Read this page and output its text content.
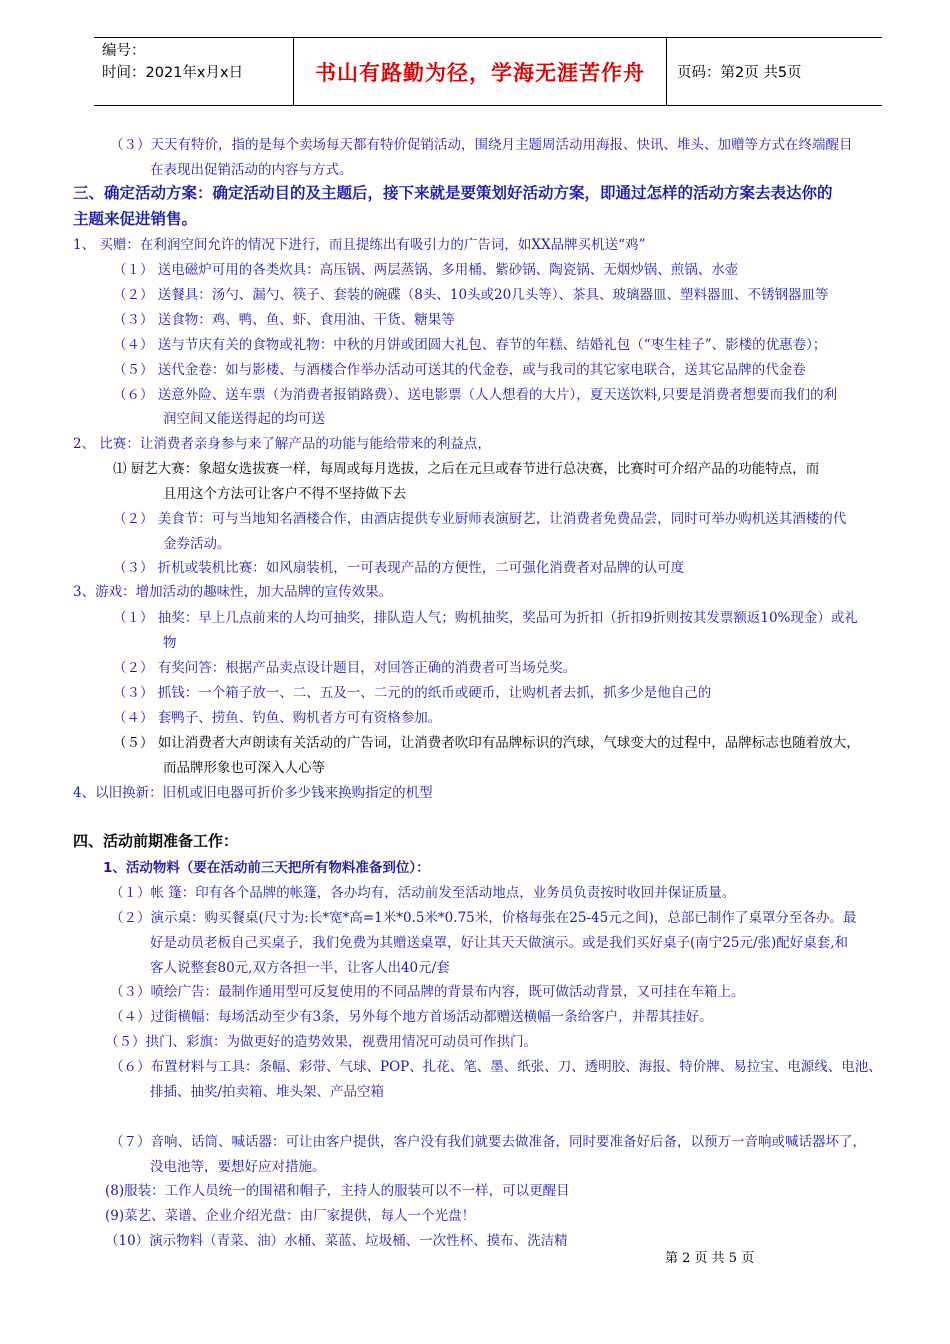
编号：
时间：2021年x月x日	书山有路勤为径，学海无涯苦作舟	页码：第2页 共5页
（３）天天有特价，指的是每个卖场每天都有特价促销活动，围绕月主题周活动用海报、快讯、堆头、加赠等方式在终端醒目
在表现出促销活动的内容与方式。
三、确定活动方案：确定活动目的及主题后，接下来就是要策划好活动方案，即通过怎样的活动方案去表达你的
主题来促进销售。
1、 买赠：在利润空间允许的情况下进行，而且提练出有吸引力的广告词，如XX品牌买机送“鸡”
（１） 送电磁炉可用的各类炊具：高压锅、两层蒸锅、多用桶、紫砂锅、陶瓷锅、无烟炒锅、煎锅、水壶
（２） 送餐具：汤勺、漏勺、筷子、套装的碗碟（8头、10头或20几头等）、茶具、玻璃器皿、塑料器皿、不锈钢器皿等
（３） 送食物：鸡、鸭、鱼、虾、食用油、干货、糖果等
（４） 送与节庆有关的食物或礼物：中秋的月饼或团圆大礼包、春节的年糕、结婚礼包（“枣生桂子”、影楼的优惠卷）；
（５） 送代金卷：如与影楼、与酒楼合作举办活动可送其的代金卷，或与我司的其它家电联合，送其它品牌的代金卷
（６） 送意外险、送车票（为消费者报销路费）、送电影票（人人想看的大片），夏天送饮料,只要是消费者想要而我们的利
润空间又能送得起的均可送
2、 比赛：让消费者亲身参与来了解产品的功能与能给带来的利益点，
⑴ 厨艺大赛：象超女选拔赛一样，每周或每月选拔，之后在元旦或春节进行总决赛，比赛时可介绍产品的功能特点，而
且用这个方法可让客户不得不坚持做下去
（２） 美食节：可与当地知名酒楼合作，由酒店提供专业厨师表演厨艺，让消费者免费品尝，同时可举办购机送其酒楼的代
金券活动。
（３） 折机或装机比赛：如风扇装机，一可表现产品的方便性，二可强化消费者对品牌的认可度
3、游戏：增加活动的趣味性，加大品牌的宣传效果。
（１） 抽奖：早上几点前来的人均可抽奖，排队造人气；购机抽奖，奖品可为折扣（折扣9折则按其发票额返10%现金）或礼
物
（２） 有奖问答：根据产品卖点设计题目，对回答正确的消费者可当场兑奖。
（３） 抓钱：一个箱子放一、二、五及一、二元的的纸币或硬币，让购机者去抓，抓多少是他自己的
（４） 套鸭子、捞鱼、钓鱼、购机者方可有资格参加。
（５） 如让消费者大声朗读有关活动的广告词，让消费者吹印有品牌标识的汽球，气球变大的过程中，品牌标志也随着放大，
而品牌形象也可深入人心等
4、以旧换新：旧机或旧电器可折价多少钱来换购指定的机型
四、活动前期准备工作：
1、活动物料（要在活动前三天把所有物料准备到位）：
（１）帐 篷：印有各个品牌的帐篷，各办均有，活动前发至活动地点，业务员负责按时收回并保证质量。
（２）演示桌：购买餐桌(尺寸为:长*宽*高=1米*0.5米*0.75米，价格每张在25-45元之间)，总部已制作了桌罩分至各办。最
好是动员老板自己买桌子，我们免费为其赠送桌罩，好让其天天做演示。或是我们买好桌子(南宁25元/张)配好桌套,和
客人说整套80元,双方各担一半，让客人出40元/套
（３）喷绘广告：最制作通用型可反复使用的不同品牌的背景布内容，既可做活动背景，又可挂在车箱上。
（４）过街横幅：每场活动至少有3条，另外每个地方首场活动都赠送横幅一条给客户，并帮其挂好。
（５）拱门、彩旗：为做更好的造势效果，视费用情况可动员可作拱门。
（６）布置材料与工具：条幅、彩带、气球、POP、扎花、笔、墨、纸张、刀、透明胶、海报、特价牌、易拉宝、电源线、电池、
排插、抽奖/拍卖箱、堆头架、产品空箱
（７）音响、话筒、喊话器：可让由客户提供，客户没有我们就要去做准备，同时要准备好后备，以预万一音响或喊话器坏了，
没电池等，要想好应对措施。
(8)服装：工作人员统一的围裙和帽子，主持人的服装可以不一样，可以更醒目
(9)菜艺、菜谱、企业介绍光盘：由厂家提供，每人一个光盘！
（10）演示物料（青菜、油）水桶、菜蓝、垃圾桶、一次性杯、摸布、洗洁精
第 2 页 共 5 页
